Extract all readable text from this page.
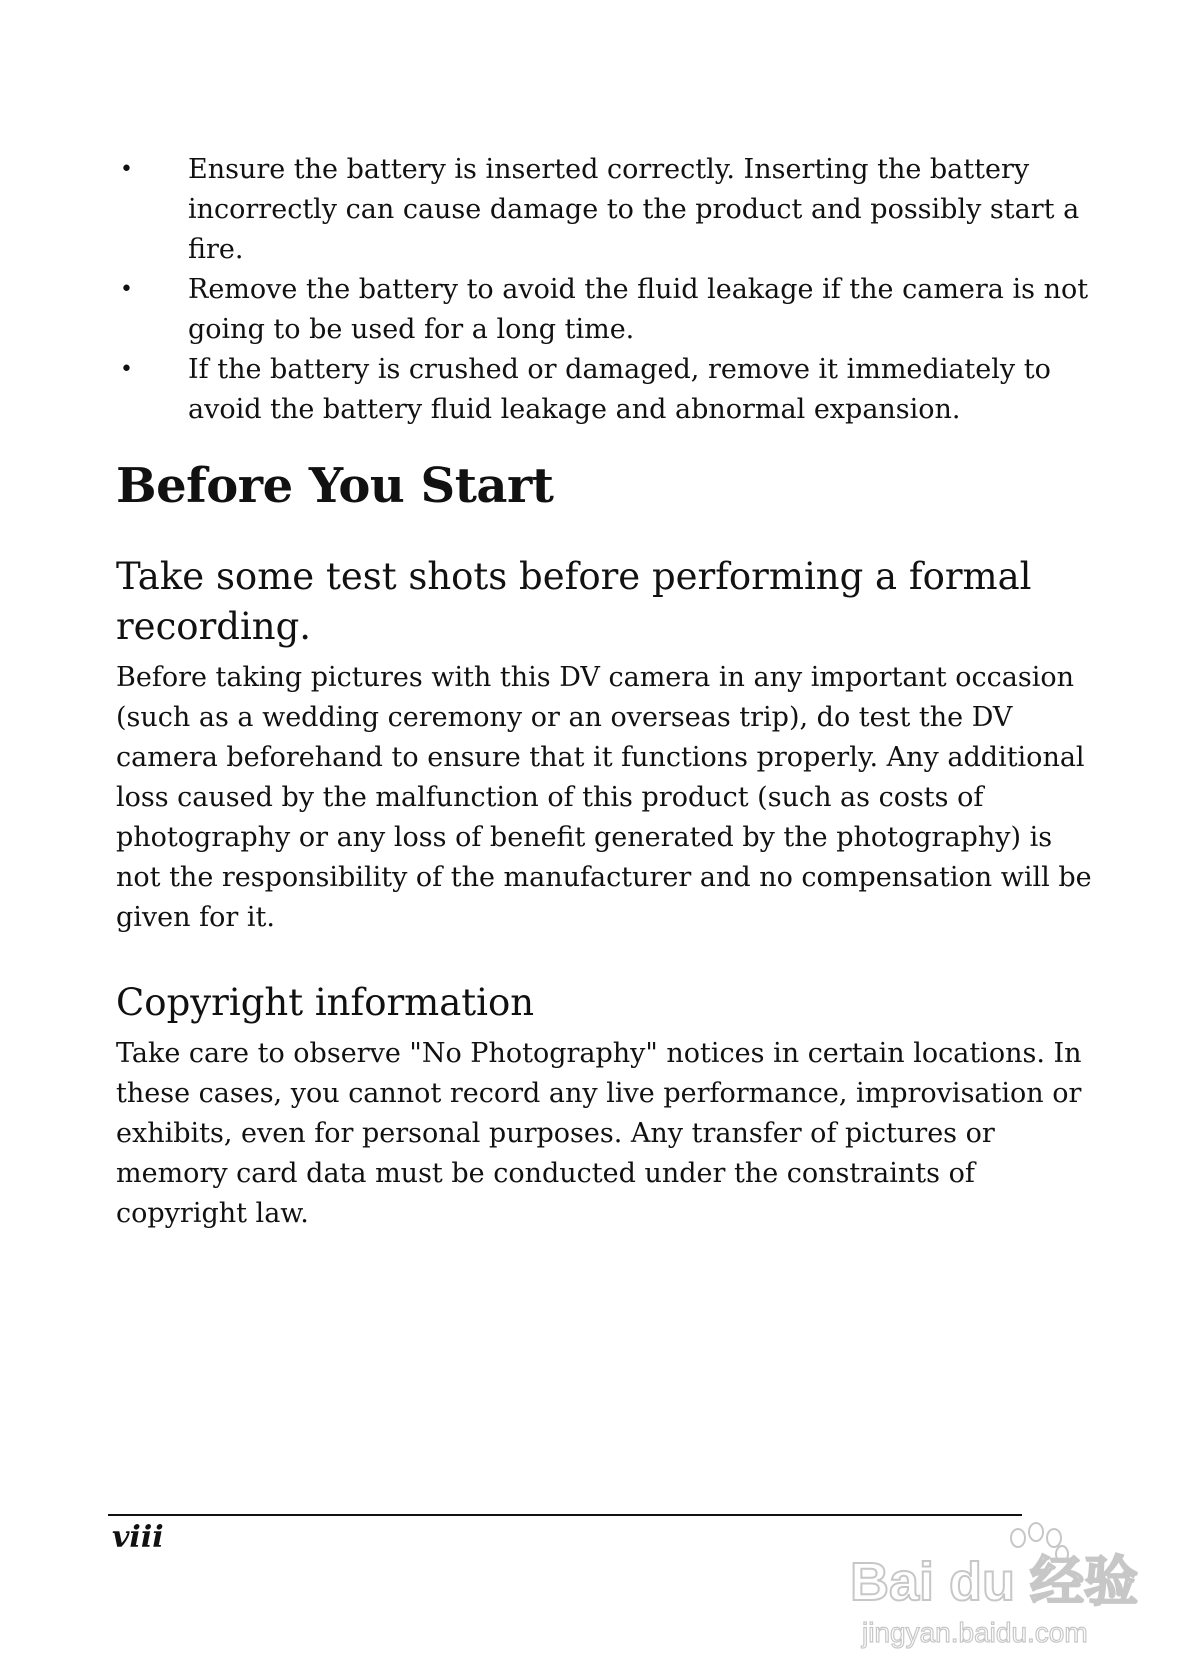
• Ensure the battery is inserted correctly. Inserting the battery incorrectly can cause damage to the product and possibly start a fire.
• Remove the battery to avoid the fluid leakage if the camera is not going to be used for a long time.
• If the battery is crushed or damaged, remove it immediately to avoid the battery fluid leakage and abnormal expansion.
Before You Start
Take some test shots before performing a formal recording.

Before taking pictures with this DV camera in any important occasion (such as a wedding ceremony or an overseas trip), do test the DV camera beforehand to ensure that it functions properly. Any additional loss caused by the malfunction of this product (such as costs of photography or any loss of benefit generated by the photography) is not the responsibility of the manufacturer and no compensation will be given for it.

Copyright information

Take care to observe "No Photography" notices in certain locations. In these cases, you cannot record any live performance, improvisation or exhibits, even for personal purposes. Any transfer of pictures or memory card data must be conducted under the constraints of copyright law.

viii
Bai du 经验
jingyan.baidu.com
